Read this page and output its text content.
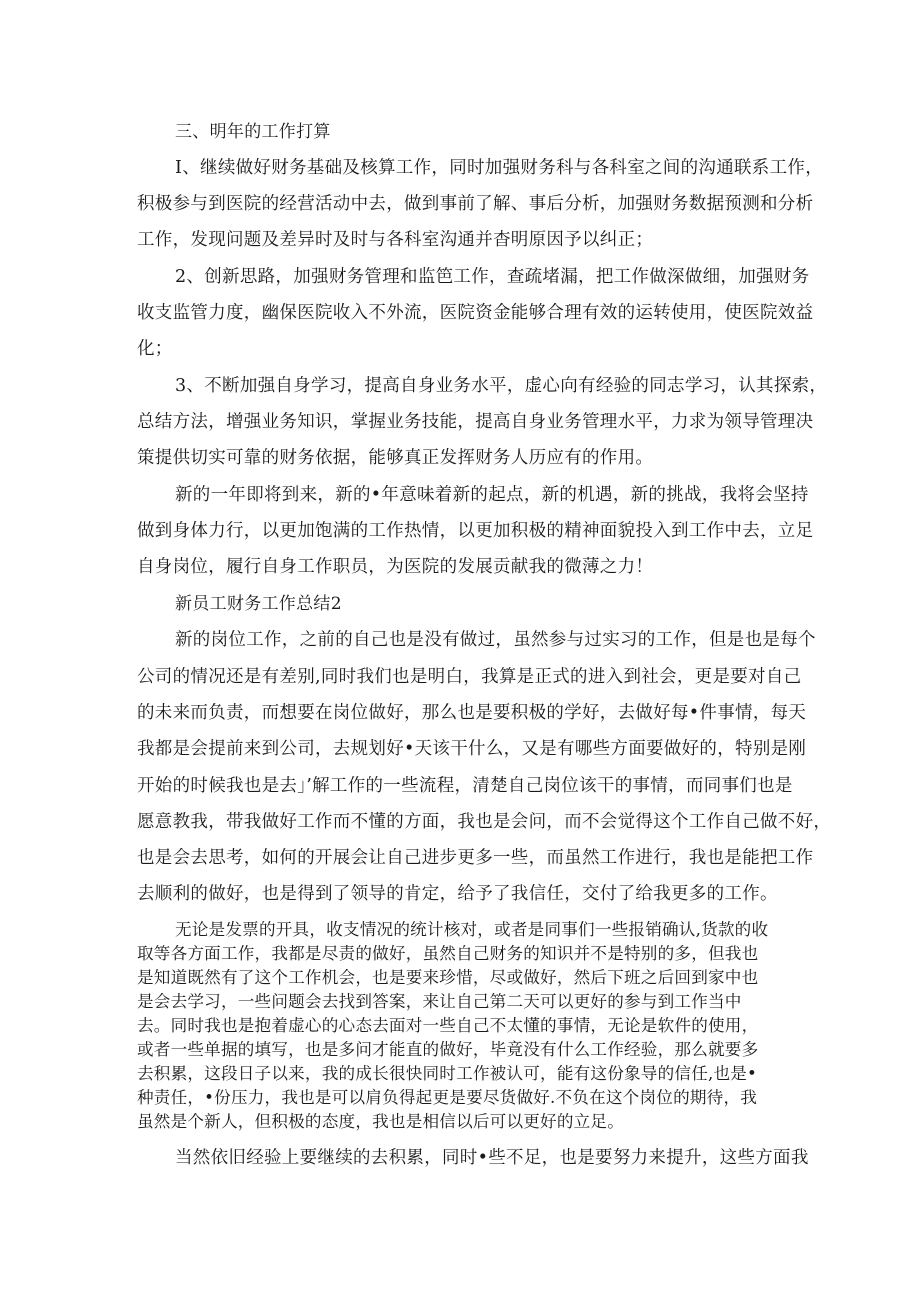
三、明年的工作打算
I、继续做好财务基础及核算工作，同时加强财务科与各科室之间的沟通联系工作，
积极参与到医院的经营活动中去，做到事前了解、事后分析，加强财务数据预测和分析
工作，发现问题及差异时及时与各科室沟通并杳明原因予以纠正；
2、创新思路，加强财务管理和监笆工作，查疏堵漏，把工作做深做细，加强财务
收支监管力度，幽保医院收入不外流，医院资金能够合理有效的运转使用，使医院效益
化；
3、不断加强自身学习，提高自身业务水平，虚心向有经验的同志学习，认其探索，
总结方法，增强业务知识，掌握业务技能，提高自身业务管理水平，力求为领导管理决
策提供切实可靠的财务依据，能够真正发挥财务人历应有的作用。
新的一年即将到来，新的•年意味着新的起点，新的机遇，新的挑战，我将会坚持
做到身体力行，以更加饱满的工作热情，以更加积极的精神面貌投入到工作中去，立足
自身岗位，履行自身工作职员，为医院的发展贡献我的微薄之力！
新员工财务工作总结2
新的岗位工作，之前的自己也是没有做过，虽然参与过实习的工作，但是也是每个
公司的情况还是有差别,同时我们也是明白，我算是正式的进入到社会，更是要对自己
的未来而负责，而想要在岗位做好，那么也是要积极的学好，去做好每•件事情，每天
我都是会提前来到公司，去规划好•天该干什么，又是有哪些方面要做好的，特别是刚
开始的时候我也是去」’解工作的一些流程，清楚自己岗位该干的事情，而同事们也是
愿意教我，带我做好工作而不懂的方面，我也是会问，而不会觉得这个工作自己做不好，
也是会去思考，如何的开展会让自己进步更多一些，而虽然工作进行，我也是能把工作
去顺利的做好，也是得到了领导的肯定，给予了我信任，交付了给我更多的工作。
无论是发票的开具，收支情况的统计核对，或者是同事们一些报销确认,货款的收
取等各方面工作，我都是尽责的做好，虽然自己财务的知识并不是特别的多，但我也
是知道既然有了这个工作机会，也是要来珍惜，尽或做好，然后下班之后回到家中也
是会去学习，一些问题会去找到答案，来让自己第二天可以更好的参与到工作当中
去。同时我也是抱着虚心的心态去面对一些自己不太懂的事情，无论是软件的使用，
或者一些单据的填写，也是多问才能直的做好，毕竟没有什么工作经验，那么就要多
去积累，这段日子以来，我的成长很快同时工作被认可，能有这份象导的信任,也是•
种责任，•份压力，我也是可以肩负得起更是要尽货做好.不负在这个岗位的期待，我
虽然是个新人，但积极的态度，我也是相信以后可以更好的立足。
当然依旧经验上要继续的去积累，同时•些不足，也是要努力来提升，这些方面我
